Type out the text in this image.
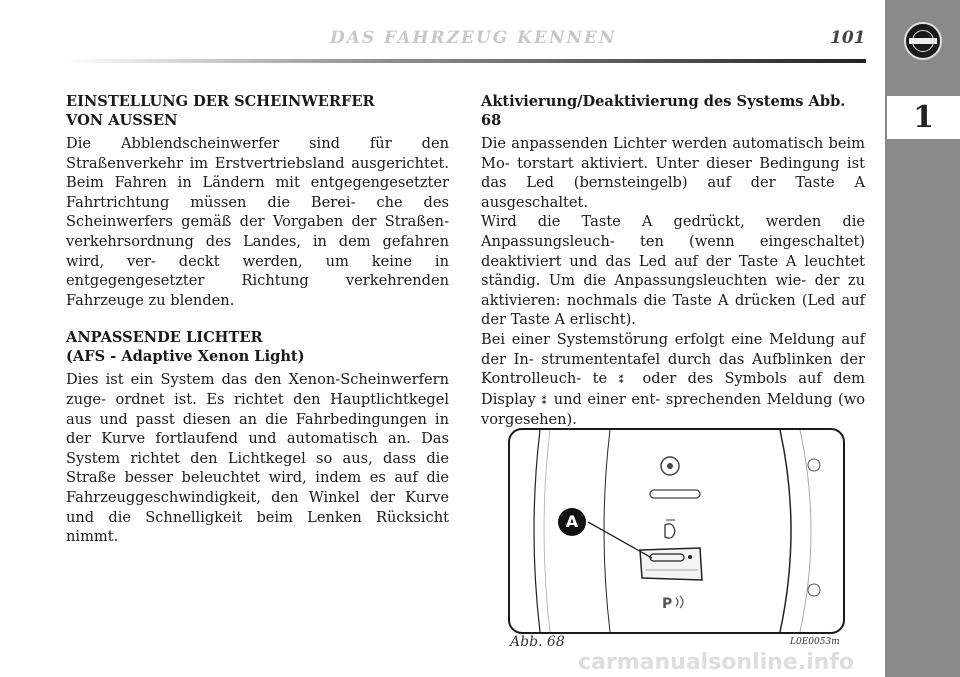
DAS FAHRZEUG KENNEN	101
1
EINSTELLUNG DER SCHEINWERFER
VON AUSSEN

Die Abblendscheinwerfer sind für den Straßenverkehr im Erstvertriebsland ausgerichtet. Beim Fahren in Ländern mit entgegengesetzter Fahrtrichtung müssen die Berei- che des Scheinwerfers gemäß der Vorgaben der Straßen- verkehrsordnung des Landes, in dem gefahren wird, ver- deckt werden, um keine in entgegengesetzter Richtung verkehrenden Fahrzeuge zu blenden.

ANPASSENDE LICHTER
(AFS - Adaptive Xenon Light)

Dies ist ein System das den Xenon-Scheinwerfern zuge- ordnet ist. Es richtet den Hauptlichtkegel aus und passt diesen an die Fahrbedingungen in der Kurve fortlaufend und automatisch an. Das System richtet den Lichtkegel so aus, dass die Straße besser beleuchtet wird, indem es auf die Fahrzeuggeschwindigkeit, den Winkel der Kurve und die Schnelligkeit beim Lenken Rücksicht nimmt.

Aktivierung/Deaktivierung des Systems Abb. 68

Die anpassenden Lichter werden automatisch beim Mo- torstart aktiviert. Unter dieser Bedingung ist das Led (bernsteingelb) auf der Taste A ausgeschaltet.

Wird die Taste A gedrückt, werden die Anpassungsleuch- ten (wenn eingeschaltet) deaktiviert und das Led auf der Taste A leuchtet ständig. Um die Anpassungsleuchten wie- der zu aktivieren: nochmals die Taste A drücken (Led auf der Taste A erlischt).

Bei einer Systemstörung erfolgt eine Meldung auf der In- strumententafel durch das Aufblinken der Kontrolleuch- te ⁑ oder des Symbols auf dem Display ⁑ und einer ent- sprechenden Meldung (wo vorgesehen).

P
A
Abb. 68	L0E0053m
carmanualsonline.info
